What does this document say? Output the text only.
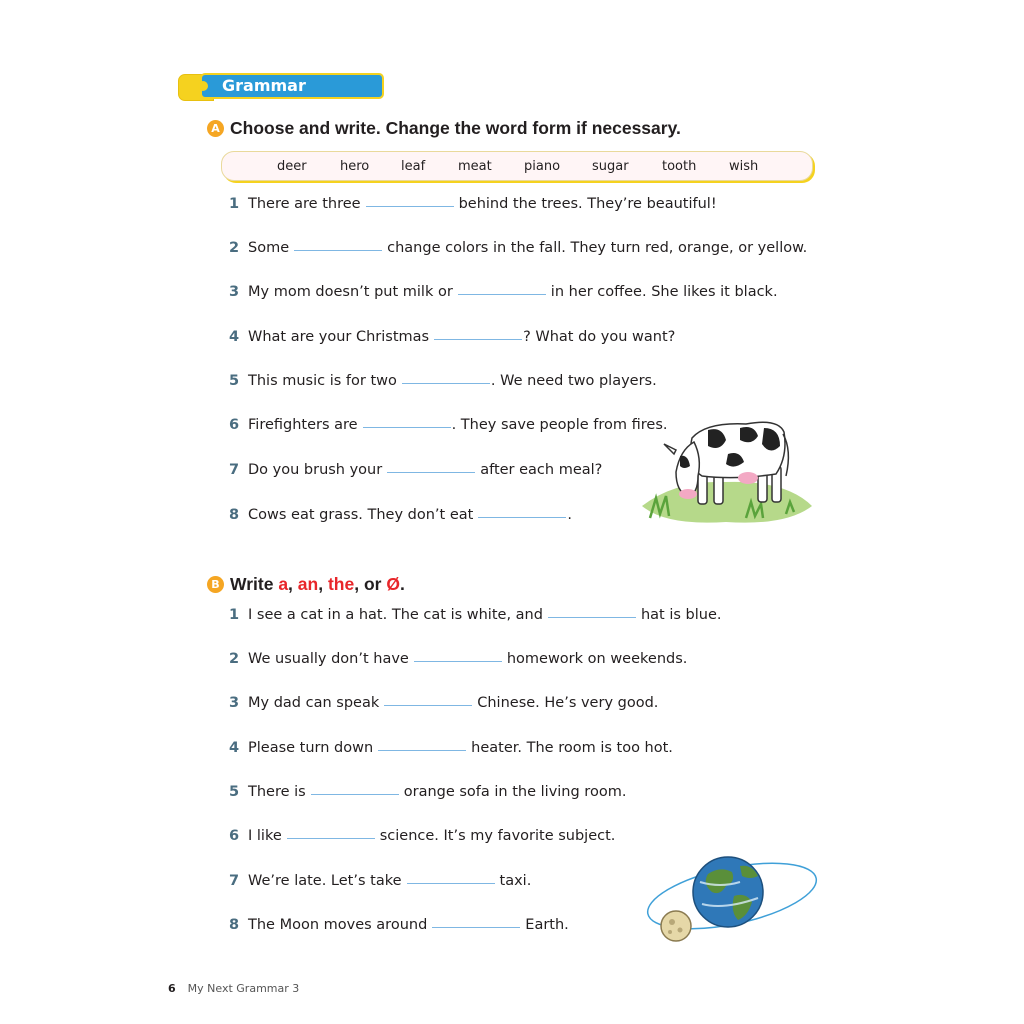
Grammar Practice
A Choose and write. Change the word form if necessary.
deer	hero leaf	meat piano sugar	tooth	wish
1 There are three	behind the trees. They’re beautiful!
2 Some	change colors in the fall. They turn red, orange, or yellow.
3 My mom doesn’t put milk or	in her coffee. She likes it black.
4 What are your Christmas	? What do you want?
5 This music is for two	. We need two players.
6 Firefighters are	. They save people from fires.
7 Do you brush your	after each meal?
8 Cows eat grass. They don’t eat	.
B Write a, an, the, or Ø.
1 I see a cat in a hat. The cat is white, and	hat is blue.
2 We usually don’t have	homework on weekends.
3 My dad can speak	Chinese. He’s very good.
4 Please turn down	heater. The room is too hot.
5 There is	orange sofa in the living room.
6 I like	science. It’s my favorite subject.
7 We’re late. Let’s take	taxi.
8 The Moon moves around	Earth.
6 My Next Grammar 3
